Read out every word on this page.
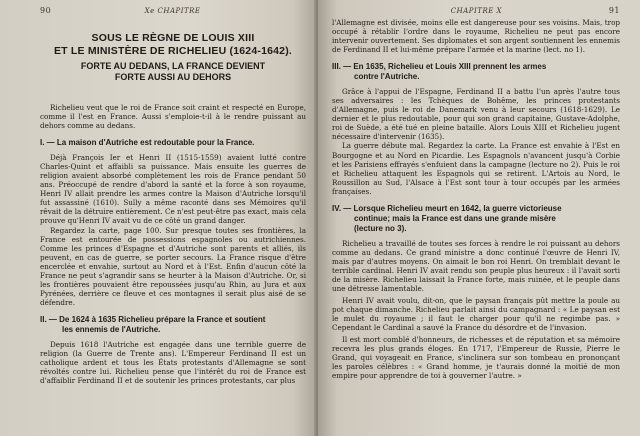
90	Xe CHAPITRE
SOUS LE RÈGNE DE LOUIS XIII
ET LE MINISTÈRE DE RICHELIEU (1624-1642).
FORTE AU DEDANS, LA FRANCE DEVIENT
FORTE AUSSI AU DEHORS

Richelieu veut que le roi de France soit craint et respecté en Europe, comme il l'est en France. Aussi s'emploie-t-il à le rendre puissant au dehors comme au dedans.

I. — La maison d'Autriche est redoutable pour la France.

Déjà François Ier et Henri II (1515-1559) avaient lutté contre Charles-Quint et affaibli sa puissance. Mais ensuite les guerres de religion avaient absorbé complètement les rois de France pendant 50 ans. Préoccupé de rendre d'abord la santé et la force à son royaume, Henri IV allait prendre les armes contre la Maison d'Autriche lorsqu'il fut assassiné (1610). Sully a même raconté dans ses Mémoires qu'il rêvait de la détruire entièrement. Ce n'est peut-être pas exact, mais cela prouve qu'Henri IV avait vu de ce côté un grand danger.

Regardez la carte, page 100. Sur presque toutes ses frontières, la France est entourée de possessions espagnoles ou autrichiennes. Comme les princes d'Espagne et d'Autriche sont parents et alliés, ils peuvent, en cas de guerre, se porter secours. La France risque d'être encerclée et envahie, surtout au Nord et à l'Est. Enfin d'aucun côté la France ne peut s'agrandir sans se heurter à la Maison d'Autriche. Or, si les frontières pouvaient être repoussées jusqu'au Rhin, au Jura et aux Pyrénées, derrière ce fleuve et ces montagnes il serait plus aisé de se défendre.

II. — De 1624 à 1635 Richelieu prépare la France et soutient
les ennemis de l'Autriche.

Depuis 1618 l'Autriche est engagée dans une terrible guerre de religion (la Guerre de Trente ans). L'Empereur Ferdinand II est un catholique ardent et tous les États protestants d'Allemagne se sont révoltés contre lui. Richelieu pense que l'intérêt du roi de France est d'affaiblir Ferdinand II et de soutenir les princes protestants, car plus

CHAPITRE X	91

l'Allemagne est divisée, moins elle est dangereuse pour ses voisins. Mais, trop occupé à rétablir l'ordre dans le royaume, Richelieu ne peut pas encore intervenir ouvertement. Ses diplomates et son argent soutiennent les ennemis de Ferdinand II et lui-même prépare l'armée et la marine (lect. no 1).

III. — En 1635, Richelieu et Louis XIII prennent les armes
contre l'Autriche.

Grâce à l'appui de l'Espagne, Ferdinand II a battu l'un après l'autre tous ses adversaires : les Tchèques de Bohême, les princes protestants d'Allemagne, puis le roi de Danemark venu à leur secours (1618-1629). Le dernier et le plus redoutable, pour qui son grand capitaine, Gustave-Adolphe, roi de Suède, a été tué en pleine bataille. Alors Louis XIII et Richelieu jugent nécessaire d'intervenir (1635).

La guerre débute mal. Regardez la carte. La France est envahie à l'Est en Bourgogne et au Nord en Picardie. Les Espagnols n'avancent jusqu'à Corbie et les Parisiens effrayés s'enfuient dans la campagne (lecture no 2). Puis le roi et Richelieu attaquent les Espagnols qui se retirent. L'Artois au Nord, le Roussillon au Sud, l'Alsace à l'Est sont tour à tour occupés par les armées françaises.

IV. — Lorsque Richelieu meurt en 1642, la guerre victorieuse
continue; mais la France est dans une grande misère
(lecture no 3).

Richelieu a travaillé de toutes ses forces à rendre le roi puissant au dehors comme au dedans. Ce grand ministre a donc continué l'œuvre de Henri IV, mais par d'autres moyens. On aimait le bon roi Henri. On tremblait devant le terrible cardinal. Henri IV avait rendu son peuple plus heureux : il l'avait sorti de la misère. Richelieu laissait la France forte, mais ruinée, et le peuple dans une détresse lamentable.

Henri IV avait voulu, dit-on, que le paysan français pût mettre la poule au pot chaque dimanche. Richelieu parlait ainsi du campagnard : « Le paysan est le mulet du royaume ; il faut le charger pour qu'il ne regimbe pas. » Cependant le Cardinal a sauvé la France du désordre et de l'invasion.

Il est mort comblé d'honneurs, de richesses et de réputation et sa mémoire recevra les plus grands éloges. En 1717, l'Empereur de Russie, Pierre le Grand, qui voyageait en France, s'inclinera sur son tombeau en prononçant les paroles célèbres : « Grand homme, je t'aurais donné la moitié de mon empire pour apprendre de toi à gouverner l'autre. »
